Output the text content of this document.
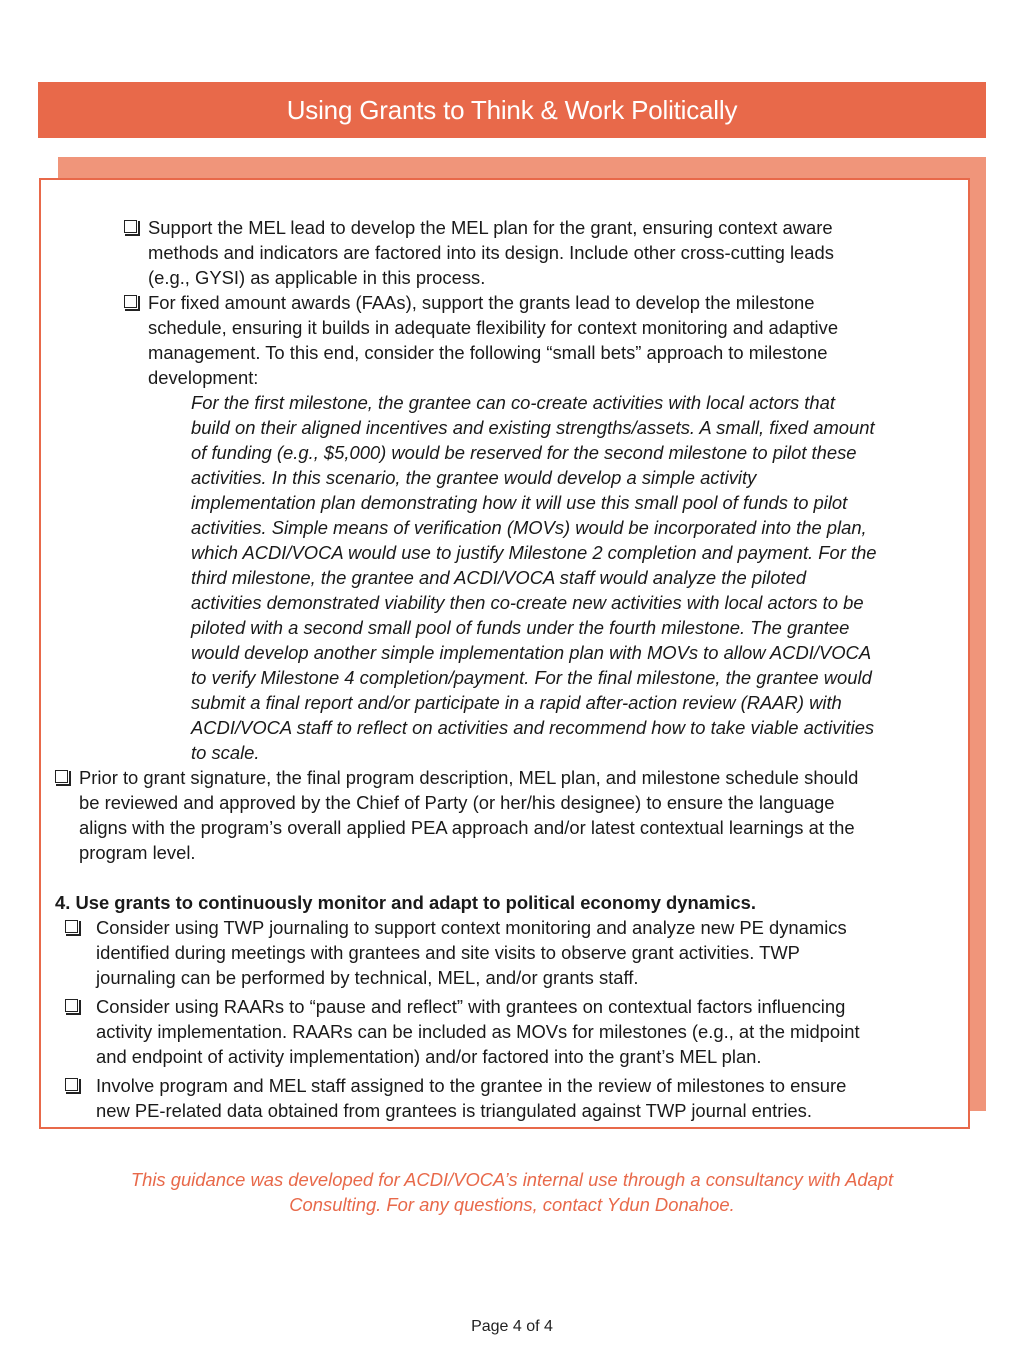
Using Grants to Think & Work Politically
Support the MEL lead to develop the MEL plan for the grant, ensuring context aware
methods and indicators are factored into its design. Include other cross-cutting leads
(e.g., GYSI) as applicable in this process.
For fixed amount awards (FAAs), support the grants lead to develop the milestone
schedule, ensuring it builds in adequate flexibility for context monitoring and adaptive
management. To this end, consider the following “small bets” approach to milestone
development:
For the first milestone, the grantee can co-create activities with local actors that
build on their aligned incentives and existing strengths/assets. A small, fixed amount
of funding (e.g., $5,000) would be reserved for the second milestone to pilot these
activities. In this scenario, the grantee would develop a simple activity
implementation plan demonstrating how it will use this small pool of funds to pilot
activities. Simple means of verification (MOVs) would be incorporated into the plan,
which ACDI/VOCA would use to justify Milestone 2 completion and payment. For the
third milestone, the grantee and ACDI/VOCA staff would analyze the piloted
activities demonstrated viability then co-create new activities with local actors to be
piloted with a second small pool of funds under the fourth milestone. The grantee
would develop another simple implementation plan with MOVs to allow ACDI/VOCA
to verify Milestone 4 completion/payment. For the final milestone, the grantee would
submit a final report and/or participate in a rapid after-action review (RAAR) with
ACDI/VOCA staff to reflect on activities and recommend how to take viable activities
to scale.
Prior to grant signature, the final program description, MEL plan, and milestone schedule should
be reviewed and approved by the Chief of Party (or her/his designee) to ensure the language
aligns with the program’s overall applied PEA approach and/or latest contextual learnings at the
program level.
4. Use grants to continuously monitor and adapt to political economy dynamics.
Consider using TWP journaling to support context monitoring and analyze new PE dynamics
identified during meetings with grantees and site visits to observe grant activities. TWP
journaling can be performed by technical, MEL, and/or grants staff.
Consider using RAARs to “pause and reflect” with grantees on contextual factors influencing
activity implementation. RAARs can be included as MOVs for milestones (e.g., at the midpoint
and endpoint of activity implementation) and/or factored into the grant’s MEL plan.
Involve program and MEL staff assigned to the grantee in the review of milestones to ensure
new PE-related data obtained from grantees is triangulated against TWP journal entries.
This guidance was developed for ACDI/VOCA’s internal use through a consultancy with Adapt
Consulting. For any questions, contact Ydun Donahoe.
Page 4 of 4
